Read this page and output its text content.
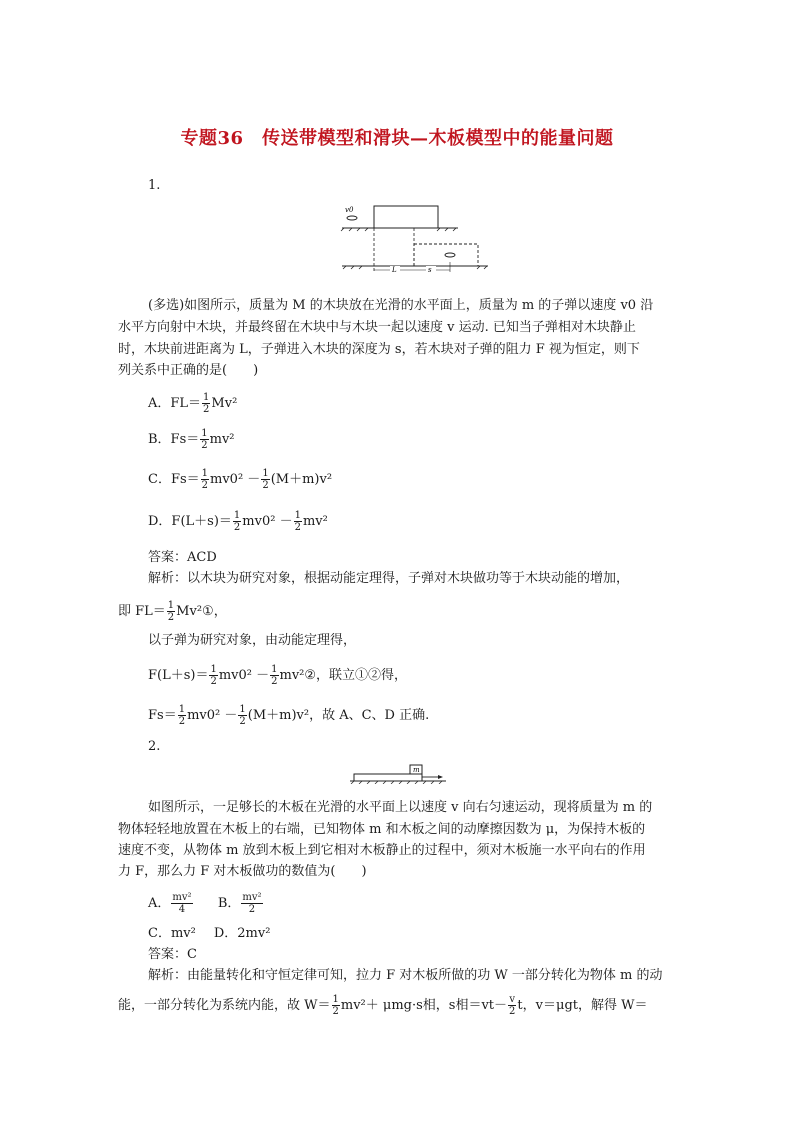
专题36　传送带模型和滑块—木板模型中的能量问题
1.
v0
L	s
(多选)如图所示，质量为 M 的木块放在光滑的水平面上，质量为 m 的子弹以速度 v0 沿
水平方向射中木块，并最终留在木块中与木块一起以速度 v 运动. 已知当子弹相对木块静止
时，木块前进距离为 L，子弹进入木块的深度为 s，若木块对子弹的阻力 F 视为恒定，则下
列关系中正确的是(　　)
A．$FL= \frac{1}{2} Mv^2$
B．$Fs= \frac{1}{2} mv^2$
C．$Fs= \frac{1}{2} mv0^2 - \frac{1}{2} (M+m)v^2$
D．$F(L+s)= \frac{1}{2} mv0^2 - \frac{1}{2} mv^2$
答案：ACD
解析：以木块为研究对象，根据动能定理得，子弹对木块做功等于木块动能的增加，
即 $FL= \frac{1}{2}$ Mv²①，
以子弹为研究对象，由动能定理得，
$F(L+s)= \frac{1}{2} mv0^2 - \frac{1}{2}$ mv²②，联立①②得，
$Fs= \frac{1}{2} mv0^2 - \frac{1}{2} (M+m)v^2$，故 A、C、D 正确.
2.
m
如图所示，一足够长的木板在光滑的水平面上以速度 v 向右匀速运动，现将质量为 m 的
物体轻轻地放置在木板上的右端，已知物体 m 和木板之间的动摩擦因数为 μ，为保持木板的
速度不变，从物体 m 放到木板上到它相对木板静止的过程中，须对木板施一水平向右的作用
力 F，那么力 F 对木板做功的数值为(　　)
A． $\frac{\text{mv²}}{4}$ B． $\frac{\text{mv²}}{2}$
C．mv² D．2mv²
答案：C
解析：由能量转化和守恒定律可知，拉力 F 对木板所做的功 W 一部分转化为物体 m 的动
能，一部分转化为系统内能，故 $W= \frac{1}{2} mv^2+ \mu mg\cdot s$相，s相$=vt- \frac{v}{2}$ t，v＝μgt，解得 W＝
